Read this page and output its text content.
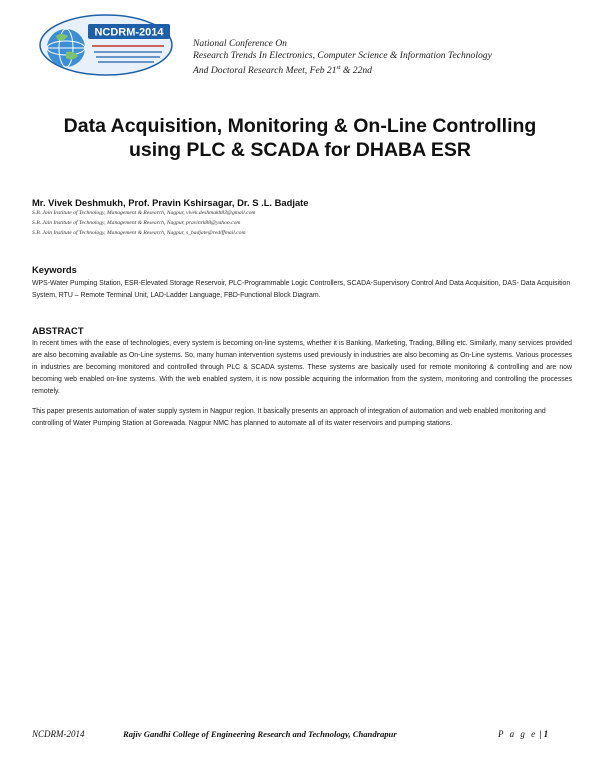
NCDRM-2014
National Conference On
Research Trends In Electronics, Computer Science & Information Technology
And Doctoral Research Meet, Feb 21st & 22nd
Data Acquisition, Monitoring & On-Line Controlling
using PLC & SCADA for DHABA ESR
Mr. Vivek Deshmukh, Prof. Pravin Kshirsagar, Dr. S .L. Badjate
S.B. Jain Institute of Technology, Management & Research, Nagpur, vivek.deshmukh83@gmail.com
S.B. Jain Institute of Technology, Management & Research, Nagpur, pravinrk88@yahoo.com
S.B. Jain Institute of Technology, Management & Research, Nagpur, s_badjate@rediffmail.com
Keywords
WPS-Water Pumping Station, ESR-Elevated Storage Reservoir, PLC-Programmable Logic Controllers, SCADA-Supervisory Control And Data Acquisition, DAS- Data Acquisition System, RTU – Remote Terminal Unit, LAD-Ladder Language, FBD-Functional Block Diagram.
ABSTRACT
In recent times with the ease of technologies, every system is becoming on-line systems, whether it is Banking, Marketing, Trading, Billing etc. Similarly, many services provided are also becoming available as On-Line systems. So, many human intervention systems used previously in industries are also becoming as On-Line systems. Various processes in industries are becoming monitored and controlled through PLC & SCADA systems. These systems are basically used for remote monitoring & controlling and are now becoming web enabled on-line systems. With the web enabled system, it is now possible acquiring the information from the system, monitoring and controlling the processes remotely.
This paper presents automation of water supply system in Nagpur region. It basically presents an approach of integration of automation and web enabled monitoring and controlling of Water Pumping Station at Gorewada. Nagpur NMC has planned to automate all of its water reservoirs and pumping stations.
NCDRM-2014	Rajiv Gandhi College of Engineering Research and Technology, Chandrapur	P a g e | 1
